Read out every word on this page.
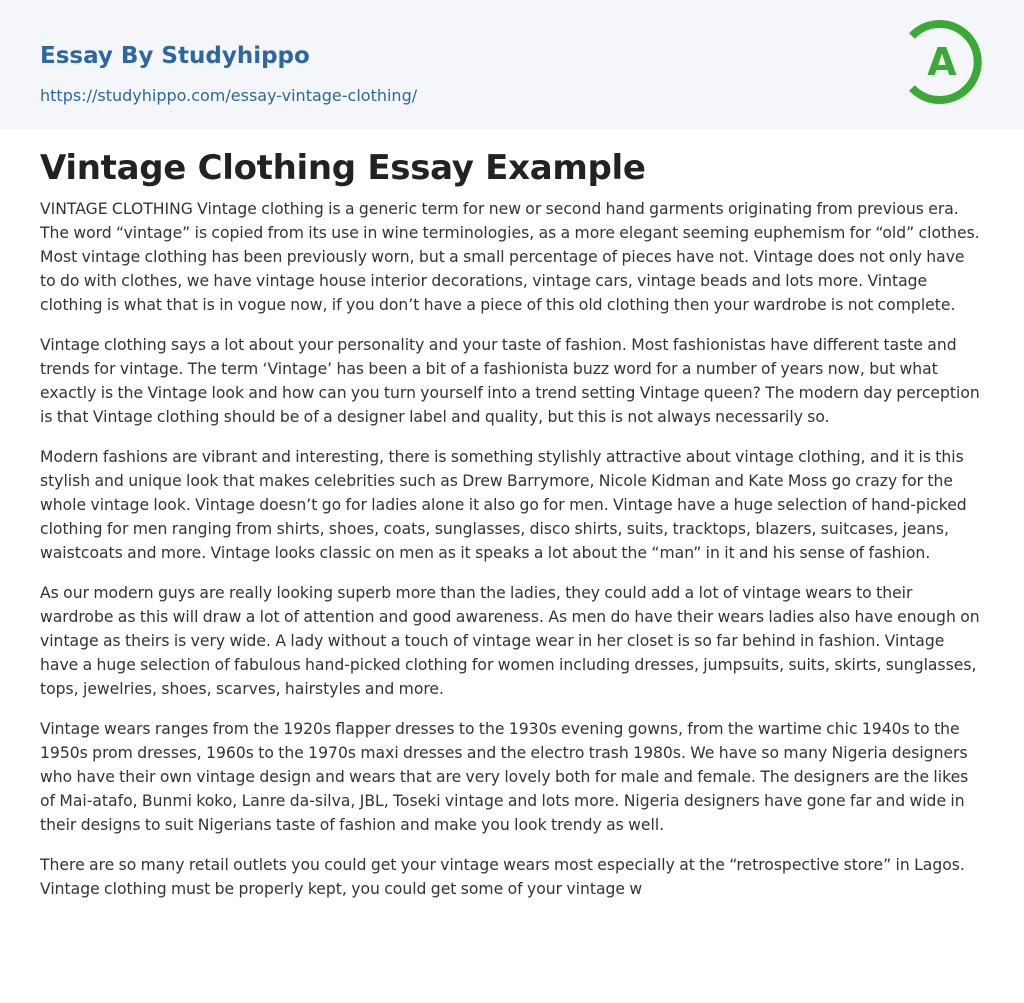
Essay By Studyhippo
https://studyhippo.com/essay-vintage-clothing/
A
Vintage Clothing Essay Example

VINTAGE CLOTHING Vintage clothing is a generic term for new or second hand garments originating from previous era. The word “vintage” is copied from its use in wine terminologies, as a more elegant seeming euphemism for “old” clothes. Most vintage clothing has been previously worn, but a small percentage of pieces have not. Vintage does not only have to do with clothes, we have vintage house interior decorations, vintage cars, vintage beads and lots more. Vintage clothing is what that is in vogue now, if you don’t have a piece of this old clothing then your wardrobe is not complete.

Vintage clothing says a lot about your personality and your taste of fashion. Most fashionistas have different taste and trends for vintage. The term ‘Vintage’ has been a bit of a fashionista buzz word for a number of years now, but what exactly is the Vintage look and how can you turn yourself into a trend setting Vintage queen? The modern day perception is that Vintage clothing should be of a designer label and quality, but this is not always necessarily so.

Modern fashions are vibrant and interesting, there is something stylishly attractive about vintage clothing, and it is this stylish and unique look that makes celebrities such as Drew Barrymore, Nicole Kidman and Kate Moss go crazy for the whole vintage look. Vintage doesn’t go for ladies alone it also go for men. Vintage have a huge selection of hand-picked clothing for men ranging from shirts, shoes, coats, sunglasses, disco shirts, suits, tracktops, blazers, suitcases, jeans, waistcoats and more. Vintage looks classic on men as it speaks a lot about the “man” in it and his sense of fashion.

As our modern guys are really looking superb more than the ladies, they could add a lot of vintage wears to their wardrobe as this will draw a lot of attention and good awareness. As men do have their wears ladies also have enough on vintage as theirs is very wide. A lady without a touch of vintage wear in her closet is so far behind in fashion. Vintage have a huge selection of fabulous hand-picked clothing for women including dresses, jumpsuits, suits, skirts, sunglasses, tops, jewelries, shoes, scarves, hairstyles and more.

Vintage wears ranges from the 1920s flapper dresses to the 1930s evening gowns, from the wartime chic 1940s to the 1950s prom dresses, 1960s to the 1970s maxi dresses and the electro trash 1980s. We have so many Nigeria designers who have their own vintage design and wears that are very lovely both for male and female. The designers are the likes of Mai-atafo, Bunmi koko, Lanre da-silva, JBL, Toseki vintage and lots more. Nigeria designers have gone far and wide in their designs to suit Nigerians taste of fashion and make you look trendy as well.

There are so many retail outlets you could get your vintage wears most especially at the “retrospective store” in Lagos. Vintage clothing must be properly kept, you could get some of your vintage w
